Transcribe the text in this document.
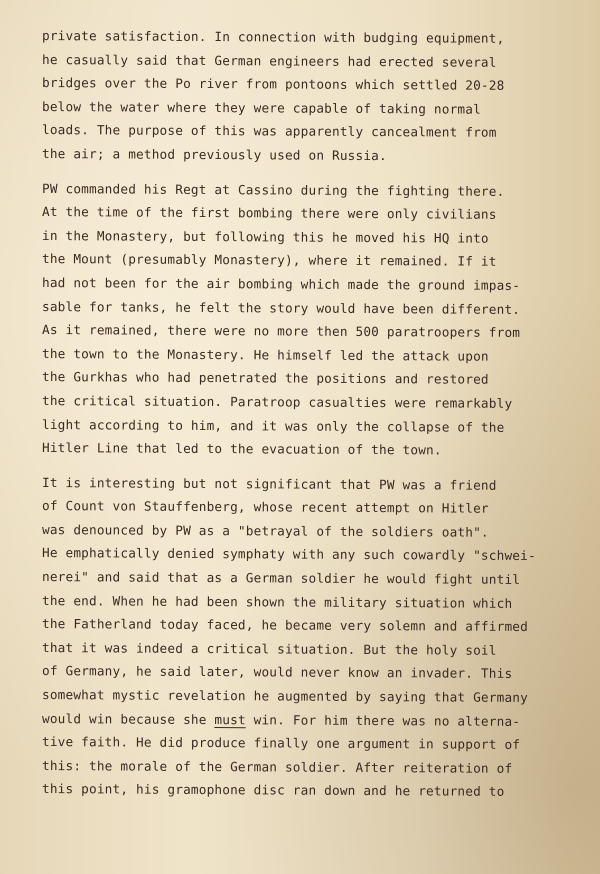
private satisfaction. In connection with budging equipment,
he casually said that German engineers had erected several
bridges over the Po river from pontoons which settled 20-28
below the water where they were capable of taking normal
loads. The purpose of this was apparently cancealment from
the air; a method previously used on Russia.
PW commanded his Regt at Cassino during the fighting there.
At the time of the first bombing there were only civilians
in the Monastery, but following this he moved his HQ into
the Mount (presumably Monastery), where it remained. If it
had not been for the air bombing which made the ground impas-
sable for tanks, he felt the story would have been different.
As it remained, there were no more then 500 paratroopers from
the town to the Monastery. He himself led the attack upon
the Gurkhas who had penetrated the positions and restored
the critical situation. Paratroop casualties were remarkably
light according to him, and it was only the collapse of the
Hitler Line that led to the evacuation of the town.
It is interesting but not significant that PW was a friend
of Count von Stauffenberg, whose recent attempt on Hitler
was denounced by PW as a "betrayal of the soldiers oath".
He emphatically denied symphaty with any such cowardly "schwei-
nerei" and said that as a German soldier he would fight until
the end. When he had been shown the military situation which
the Fatherland today faced, he became very solemn and affirmed
that it was indeed a critical situation. But the holy soil
of Germany, he said later, would never know an invader. This
somewhat mystic revelation he augmented by saying that Germany
would win because she must win. For him there was no alterna-
tive faith. He did produce finally one argument in support of
this: the morale of the German soldier. After reiteration of
this point, his gramophone disc ran down and he returned to
